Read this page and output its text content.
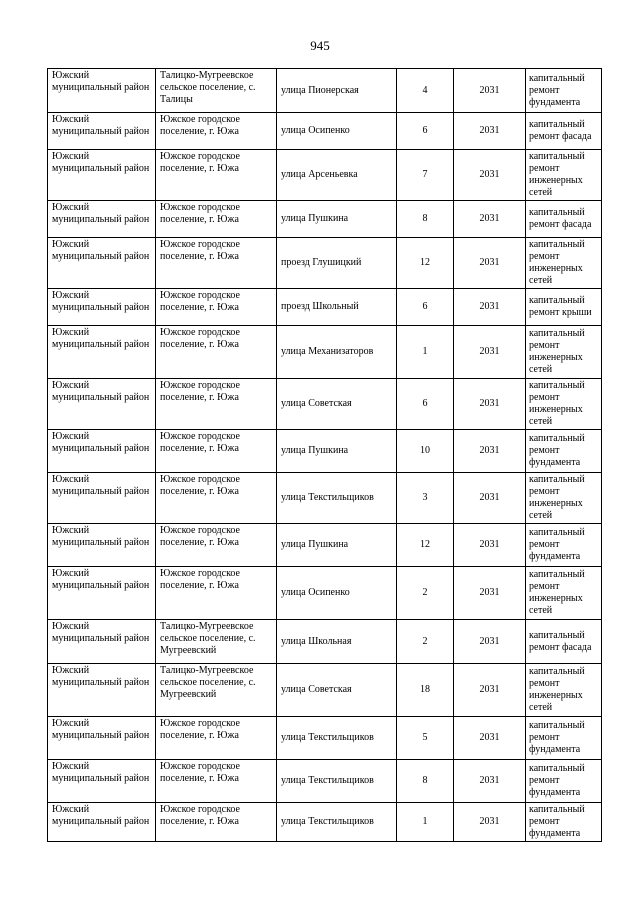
945
Южский муниципальный район	Талицко-Мугреевское сельское поселение, с. Талицы	улица Пионерская	4	2031	капитальный ремонт фундамента
Южский муниципальный район	Южское городское поселение, г. Южа	улица Осипенко	6	2031	капитальный ремонт фасада
Южский муниципальный район	Южское городское поселение, г. Южа	улица Арсеньевка	7	2031	капитальный ремонт инженерных сетей
Южский муниципальный район	Южское городское поселение, г. Южа	улица Пушкина	8	2031	капитальный ремонт фасада
Южский муниципальный район	Южское городское поселение, г. Южа	проезд Глушицкий	12	2031	капитальный ремонт инженерных сетей
Южский муниципальный район	Южское городское поселение, г. Южа	проезд Школьный	6	2031	капитальный ремонт крыши
Южский муниципальный район	Южское городское поселение, г. Южа	улица Механизаторов	1	2031	капитальный ремонт инженерных сетей
Южский муниципальный район	Южское городское поселение, г. Южа	улица Советская	6	2031	капитальный ремонт инженерных сетей
Южский муниципальный район	Южское городское поселение, г. Южа	улица Пушкина	10	2031	капитальный ремонт фундамента
Южский муниципальный район	Южское городское поселение, г. Южа	улица Текстильщиков	3	2031	капитальный ремонт инженерных сетей
Южский муниципальный район	Южское городское поселение, г. Южа	улица Пушкина	12	2031	капитальный ремонт фундамента
Южский муниципальный район	Южское городское поселение, г. Южа	улица Осипенко	2	2031	капитальный ремонт инженерных сетей
Южский муниципальный район	Талицко-Мугреевское сельское поселение, с. Мугреевский	улица Школьная	2	2031	капитальный ремонт фасада
Южский муниципальный район	Талицко-Мугреевское сельское поселение, с. Мугреевский	улица Советская	18	2031	капитальный ремонт инженерных сетей
Южский муниципальный район	Южское городское поселение, г. Южа	улица Текстильщиков	5	2031	капитальный ремонт фундамента
Южский муниципальный район	Южское городское поселение, г. Южа	улица Текстильщиков	8	2031	капитальный ремонт фундамента
Южский муниципальный район	Южское городское поселение, г. Южа	улица Текстильщиков	1	2031	капитальный ремонт фундамента
